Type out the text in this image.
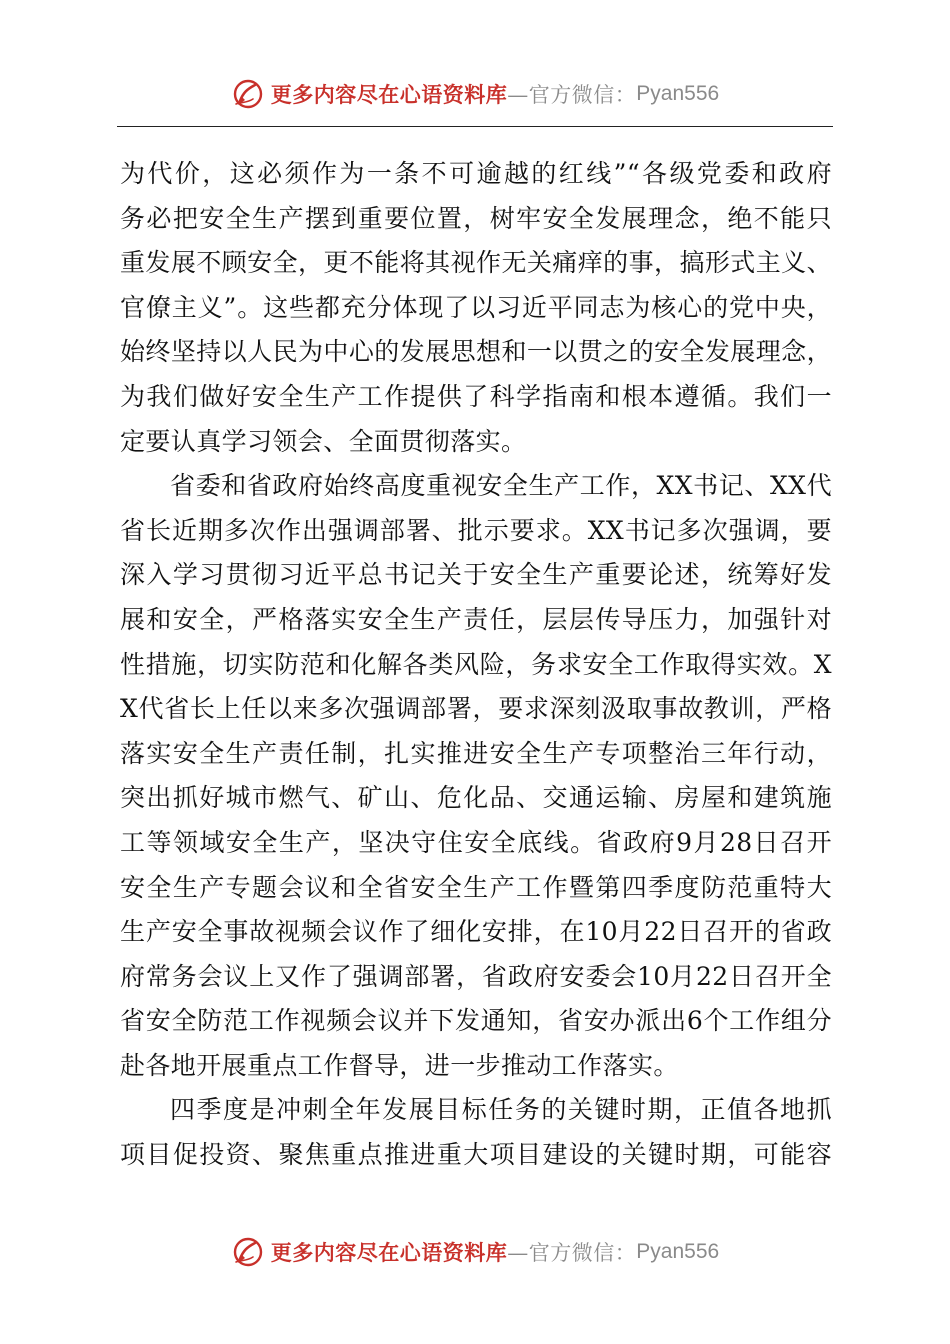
更多内容尽在心语资料库 —官方微信： Pyan556
为代价，这必须作为一条不可逾越的红线”“各级党委和政府
务必把安全生产摆到重要位置，树牢安全发展理念，绝不能只
重发展不顾安全，更不能将其视作无关痛痒的事，搞形式主义、
官僚主义”。这些都充分体现了以习近平同志为核心的党中央，
始终坚持以人民为中心的发展思想和一以贯之的安全发展理念，
为我们做好安全生产工作提供了科学指南和根本遵循。我们一
定要认真学习领会、全面贯彻落实。
省委和省政府始终高度重视安全生产工作，XX书记、XX代
省长近期多次作出强调部署、批示要求。XX书记多次强调，要
深入学习贯彻习近平总书记关于安全生产重要论述，统筹好发
展和安全，严格落实安全生产责任，层层传导压力，加强针对
性措施，切实防范和化解各类风险，务求安全工作取得实效。X
X代省长上任以来多次强调部署，要求深刻汲取事故教训，严格
落实安全生产责任制，扎实推进安全生产专项整治三年行动，
突出抓好城市燃气、矿山、危化品、交通运输、房屋和建筑施
工等领域安全生产，坚决守住安全底线。省政府9月28日召开
安全生产专题会议和全省安全生产工作暨第四季度防范重特大
生产安全事故视频会议作了细化安排，在10月22日召开的省政
府常务会议上又作了强调部署，省政府安委会10月22日召开全
省安全防范工作视频会议并下发通知，省安办派出6个工作组分
赴各地开展重点工作督导，进一步推动工作落实。
四季度是冲刺全年发展目标任务的关键时期，正值各地抓
项目促投资、聚焦重点推进重大项目建设的关键时期，可能容
更多内容尽在心语资料库 —官方微信： Pyan556
